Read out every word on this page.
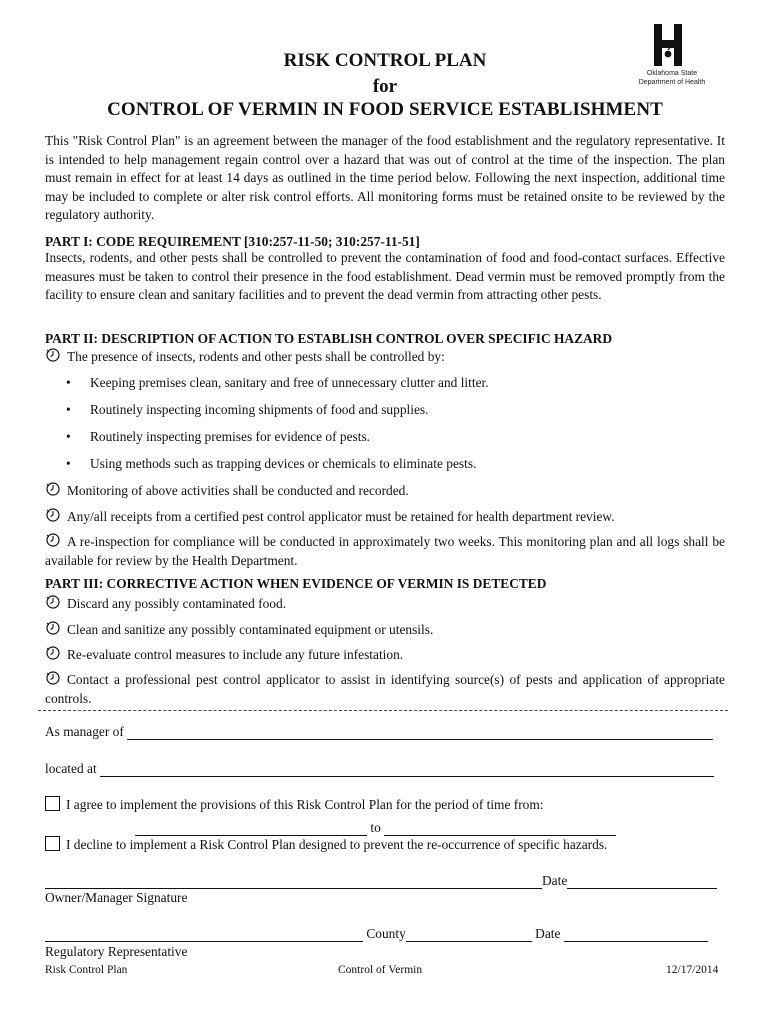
RISK CONTROL PLAN
for
CONTROL OF VERMIN IN FOOD SERVICE ESTABLISHMENT
Oklahoma State
Department of Health

This "Risk Control Plan" is an agreement between the manager of the food establishment and the regulatory representative. It is intended to help management regain control over a hazard that was out of control at the time of the inspection. The plan must remain in effect for at least 14 days as outlined in the time period below. Following the next inspection, additional time may be included to complete or alter risk control efforts. All monitoring forms must be retained onsite to be reviewed by the regulatory authority.

PART I: CODE REQUIREMENT [310:257-11-50; 310:257-11-51]

Insects, rodents, and other pests shall be controlled to prevent the contamination of food and food-contact surfaces. Effective measures must be taken to control their presence in the food establishment. Dead vermin must be removed promptly from the facility to ensure clean and sanitary facilities and to prevent the dead vermin from attracting other pests.

PART II: DESCRIPTION OF ACTION TO ESTABLISH CONTROL OVER SPECIFIC HAZARD

The presence of insects, rodents and other pests shall be controlled by:

• Keeping premises clean, sanitary and free of unnecessary clutter and litter.
• Routinely inspecting incoming shipments of food and supplies.
• Routinely inspecting premises for evidence of pests.
• Using methods such as trapping devices or chemicals to eliminate pests.

Monitoring of above activities shall be conducted and recorded.

Any/all receipts from a certified pest control applicator must be retained for health department review.

A re-inspection for compliance will be conducted in approximately two weeks. This monitoring plan and all logs shall be available for review by the Health Department.

PART III: CORRECTIVE ACTION WHEN EVIDENCE OF VERMIN IS DETECTED

Discard any possibly contaminated food.

Clean and sanitize any possibly contaminated equipment or utensils.

Re-evaluate control measures to include any future infestation.

Contact a professional pest control applicator to assist in identifying source(s) of pests and application of appropriate controls.

As manager of
located at
I agree to implement the provisions of this Risk Control Plan for the period of time from:
to
I decline to implement a Risk Control Plan designed to prevent the re-occurrence of specific hazards.
Date
Owner/Manager Signature
County	Date
Regulatory Representative
Risk Control Plan	Control of Vermin	12/17/2014
